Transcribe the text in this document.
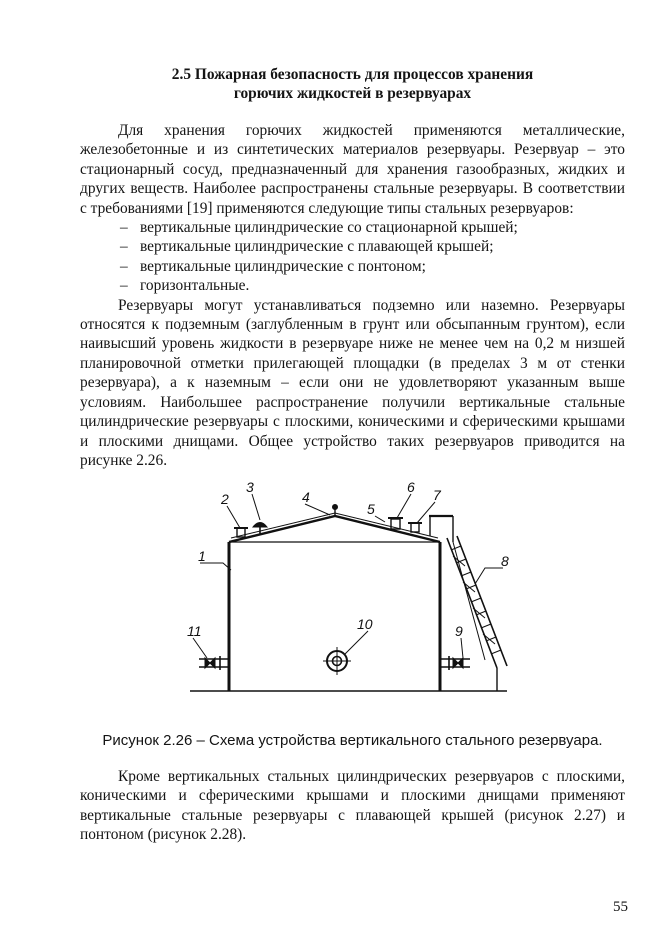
2.5 Пожарная безопасность для процессов хранения
горючих жидкостей в резервуарах

Для хранения горючих жидкостей применяются металлические, железобетонные и из синтетических материалов резервуары. Резервуар – это стационарный сосуд, предназначенный для хранения газообразных, жидких и других веществ. Наиболее распространены стальные резервуары. В соответствии с требованиями [19] применяются следующие типы стальных резервуаров:

– вертикальные цилиндрические со стационарной крышей;
– вертикальные цилиндрические с плавающей крышей;
– вертикальные цилиндрические с понтоном;
– горизонтальные.

Резервуары могут устанавливаться подземно или наземно. Резервуары относятся к подземным (заглубленным в грунт или обсыпанным грунтом), если наивысший уровень жидкости в резервуаре ниже не менее чем на 0,2 м низшей планировочной отметки прилегающей площадки (в пределах 3 м от стенки резервуара), а к наземным – если они не удовлетворяют указанным выше условиям. Наибольшее распространение получили вертикальные стальные цилиндрические резервуары с плоскими, коническими и сферическими крышами и плоскими днищами. Общее устройство таких резервуаров приводится на рисунке 2.26.

1
2
3
4
5
6 7
8
9
10
11
Рисунок 2.26 – Схема устройства вертикального стального резервуара.

Кроме вертикальных стальных цилиндрических резервуаров с плоскими, коническими и сферическими крышами и плоскими днищами применяют вертикальные стальные резервуары с плавающей крышей (рисунок 2.27) и понтоном (рисунок 2.28).

55
